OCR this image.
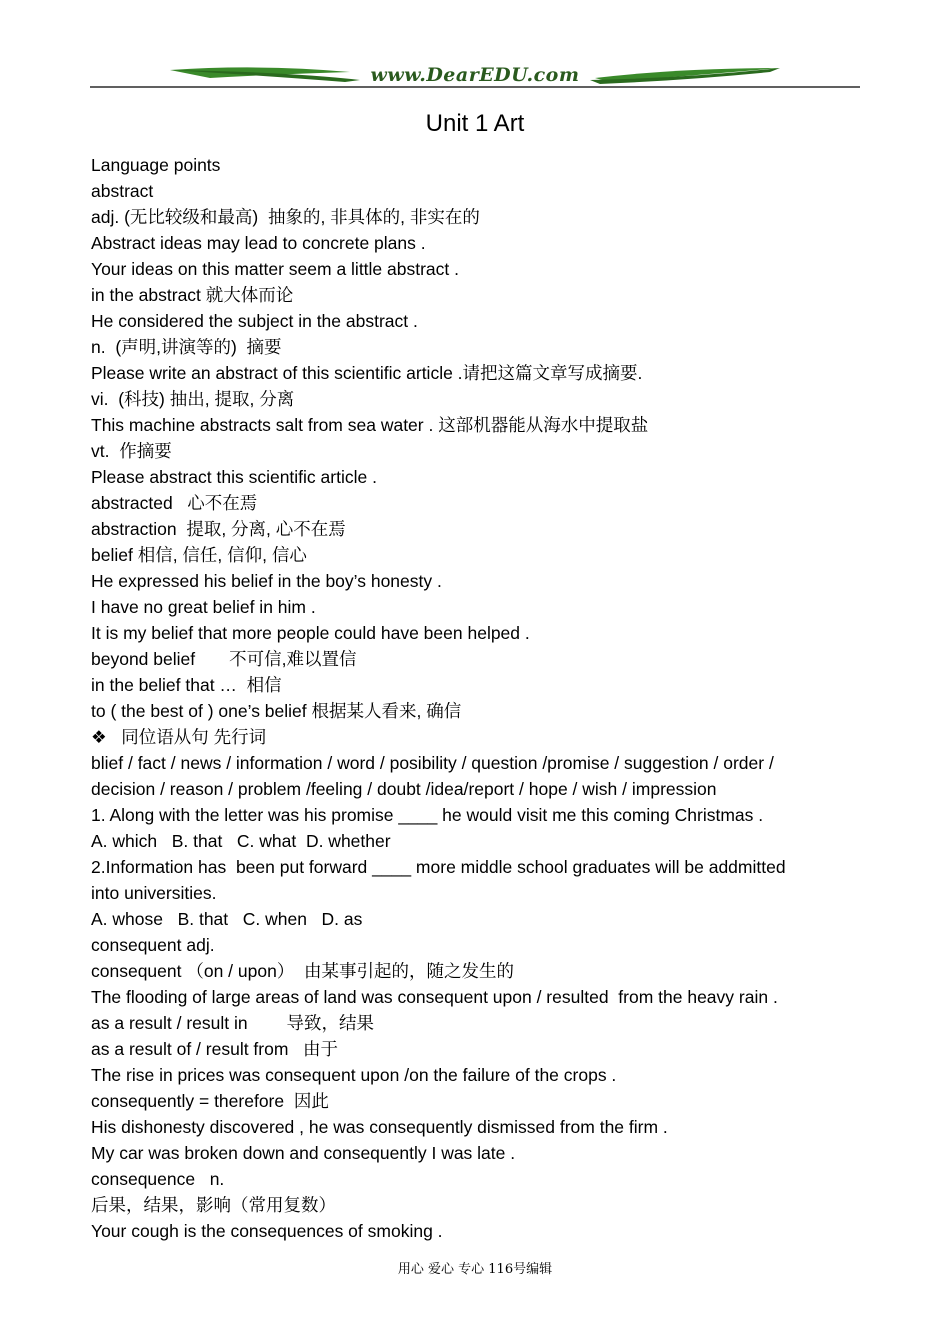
www.DearEDU.com
Unit 1 Art
Language points
abstract
adj. (无比较级和最高)  抽象的, 非具体的, 非实在的
Abstract ideas may lead to concrete plans .
Your ideas on this matter seem a little abstract .
in the abstract 就大体而论
He considered the subject in the abstract .
n.  (声明,讲演等的)  摘要
Please write an abstract of this scientific article .请把这篇文章写成摘要.
vi.  (科技) 抽出, 提取, 分离
This machine abstracts salt from sea water . 这部机器能从海水中提取盐
vt.  作摘要
Please abstract this scientific article .
abstracted   心不在焉
abstraction  提取, 分离, 心不在焉
belief 相信, 信任, 信仰, 信心
He expressed his belief in the boy’s honesty .
I have no great belief in him .
It is my belief that more people could have been helped .
beyond belief       不可信,难以置信
in the belief that …  相信
to ( the best of ) one’s belief 根据某人看来, 确信
❖   同位语从句 先行词
blief / fact / news / information / word / posibility / question /promise / suggestion / order /
decision / reason / problem /feeling / doubt /idea/report / hope / wish / impression
1. Along with the letter was his promise ____ he would visit me this coming Christmas .
A. which   B. that   C. what  D. whether
2.Information has  been put forward ____ more middle school graduates will be addmitted
into universities.
A. whose   B. that   C. when   D. as
consequent adj.
consequent （on / upon）  由某事引起的，随之发生的
The flooding of large areas of land was consequent upon / resulted  from the heavy rain .
as a result / result in        导致，结果
as a result of / result from   由于
The rise in prices was consequent upon /on the failure of the crops .
consequently = therefore  因此
His dishonesty discovered , he was consequently dismissed from the firm .
My car was broken down and consequently I was late .
consequence   n.
后果，结果，影响（常用复数）
Your cough is the consequences of smoking .
用心 爱心 专心 116号编辑
